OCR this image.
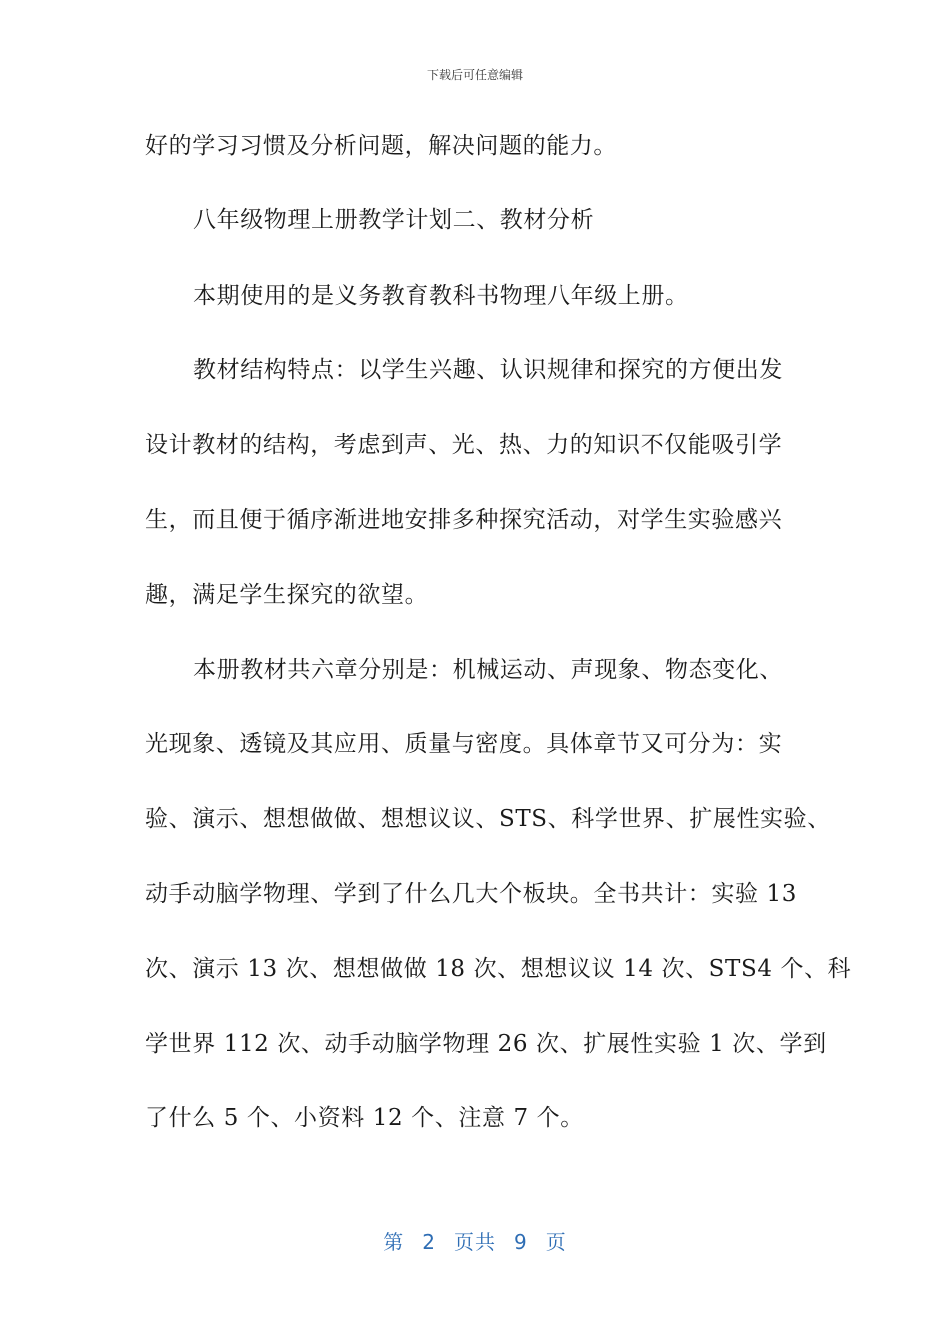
下载后可任意编辑
好的学习习惯及分析问题，解决问题的能力。
八年级物理上册教学计划二、教材分析
本期使用的是义务教育教科书物理八年级上册。
教材结构特点：以学生兴趣、认识规律和探究的方便出发
设计教材的结构，考虑到声、光、热、力的知识不仅能吸引学
生，而且便于循序渐进地安排多种探究活动，对学生实验感兴
趣，满足学生探究的欲望。
本册教材共六章分别是：机械运动、声现象、物态变化、
光现象、透镜及其应用、质量与密度。具体章节又可分为：实
验、演示、想想做做、想想议议、STS、科学世界、扩展性实验、
动手动脑学物理、学到了什么几大个板块。全书共计：实验 13
次、演示 13 次、想想做做 18 次、想想议议 14 次、STS4 个、科
学世界 112 次、动手动脑学物理 26 次、扩展性实验 1 次、学到
了什么 5 个、小资料 12 个、注意 7 个。
第 2 页共 9 页
